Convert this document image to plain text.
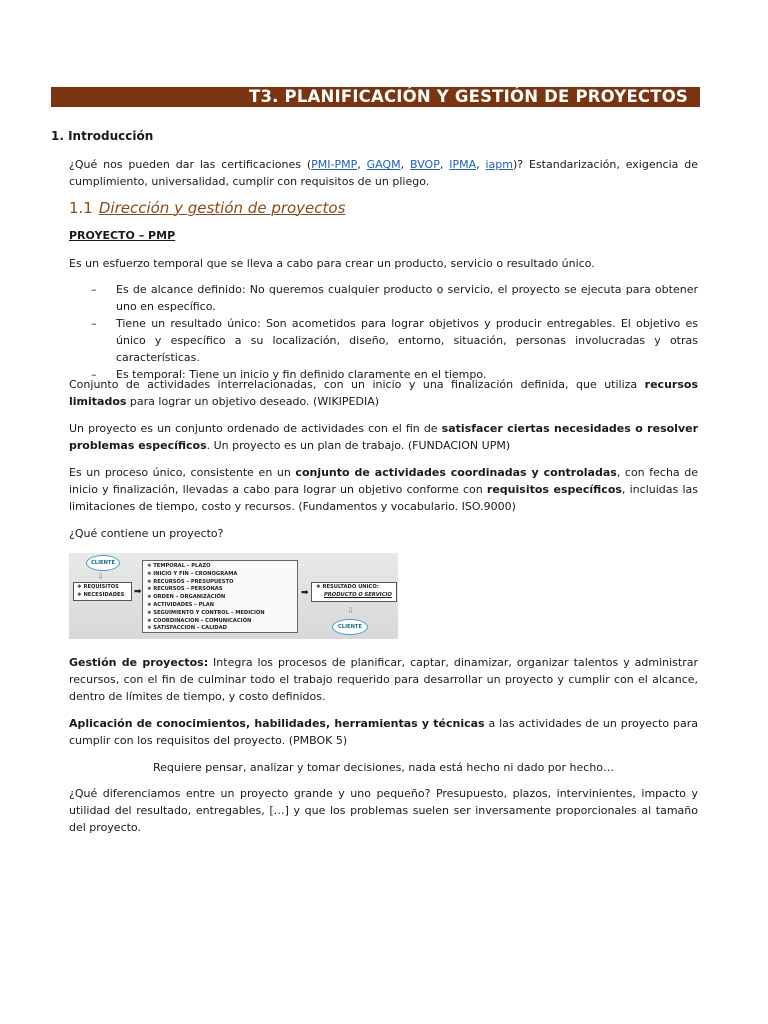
T3. PLANIFICACIÓN Y GESTIÓN DE PROYECTOS
1. Introducción

¿Qué nos pueden dar las certificaciones (PMI-PMP, GAQM, BVOP, IPMA, iapm)? Estandarización, exigencia de cumplimiento, universalidad, cumplir con requisitos de un pliego.

1.1 Dirección y gestión de proyectos
PROYECTO – PMP

Es un esfuerzo temporal que se lleva a cabo para crear un producto, servicio o resultado único.

– Es de alcance definido: No queremos cualquier producto o servicio, el proyecto se ejecuta para obtener uno en específico.
– Tiene un resultado único: Son acometidos para lograr objetivos y producir entregables. El objetivo es único y específico a su localización, diseño, entorno, situación, personas involucradas y otras características.
– Es temporal: Tiene un inicio y fin definido claramente en el tiempo.

Conjunto de actividades interrelacionadas, con un inicio y una finalización definida, que utiliza recursos limitados para lograr un objetivo deseado. (WIKIPEDIA)

Un proyecto es un conjunto ordenado de actividades con el fin de satisfacer ciertas necesidades o resolver problemas específicos. Un proyecto es un plan de trabajo. (FUNDACION UPM)

Es un proceso único, consistente en un conjunto de actividades coordinadas y controladas, con fecha de inicio y finalización, llevadas a cabo para lograr un objetivo conforme con requisitos específicos, incluidas las limitaciones de tiempo, costo y recursos. (Fundamentos y vocabulario. ISO.9000)

¿Qué contiene un proyecto?

CLIENTE
⇩
❖ REQUISITOS
❖ NECESIDADES	➡
❖ TEMPORAL – PLAZO
❖ INICIO Y FIN – CRONOGRAMA
❖ RECURSOS – PRESUPUESTO
❖ RECURSOS – PERSONAS
❖ ORDEN – ORGANIZACIÓN
❖ ACTIVIDADES – PLAN
❖ SEGUIMIENTO Y CONTROL – MEDICION
❖ COORDINACION – COMUNICACIÓN
❖ SATISFACCION – CALIDAD
➡
❖ RESULTADO UNICO:
PRODUCTO O SERVICIO
⇩
CLIENTE

Gestión de proyectos: Integra los procesos de planificar, captar, dinamizar, organizar talentos y administrar recursos, con el fin de culminar todo el trabajo requerido para desarrollar un proyecto y cumplir con el alcance, dentro de límites de tiempo, y costo definidos.

Aplicación de conocimientos, habilidades, herramientas y técnicas a las actividades de un proyecto para cumplir con los requisitos del proyecto. (PMBOK 5)

Requiere pensar, analizar y tomar decisiones, nada está hecho ni dado por hecho…

¿Qué diferenciamos entre un proyecto grande y uno pequeño? Presupuesto, plazos, intervinientes, impacto y utilidad del resultado, entregables, […] y que los problemas suelen ser inversamente proporcionales al tamaño del proyecto.
